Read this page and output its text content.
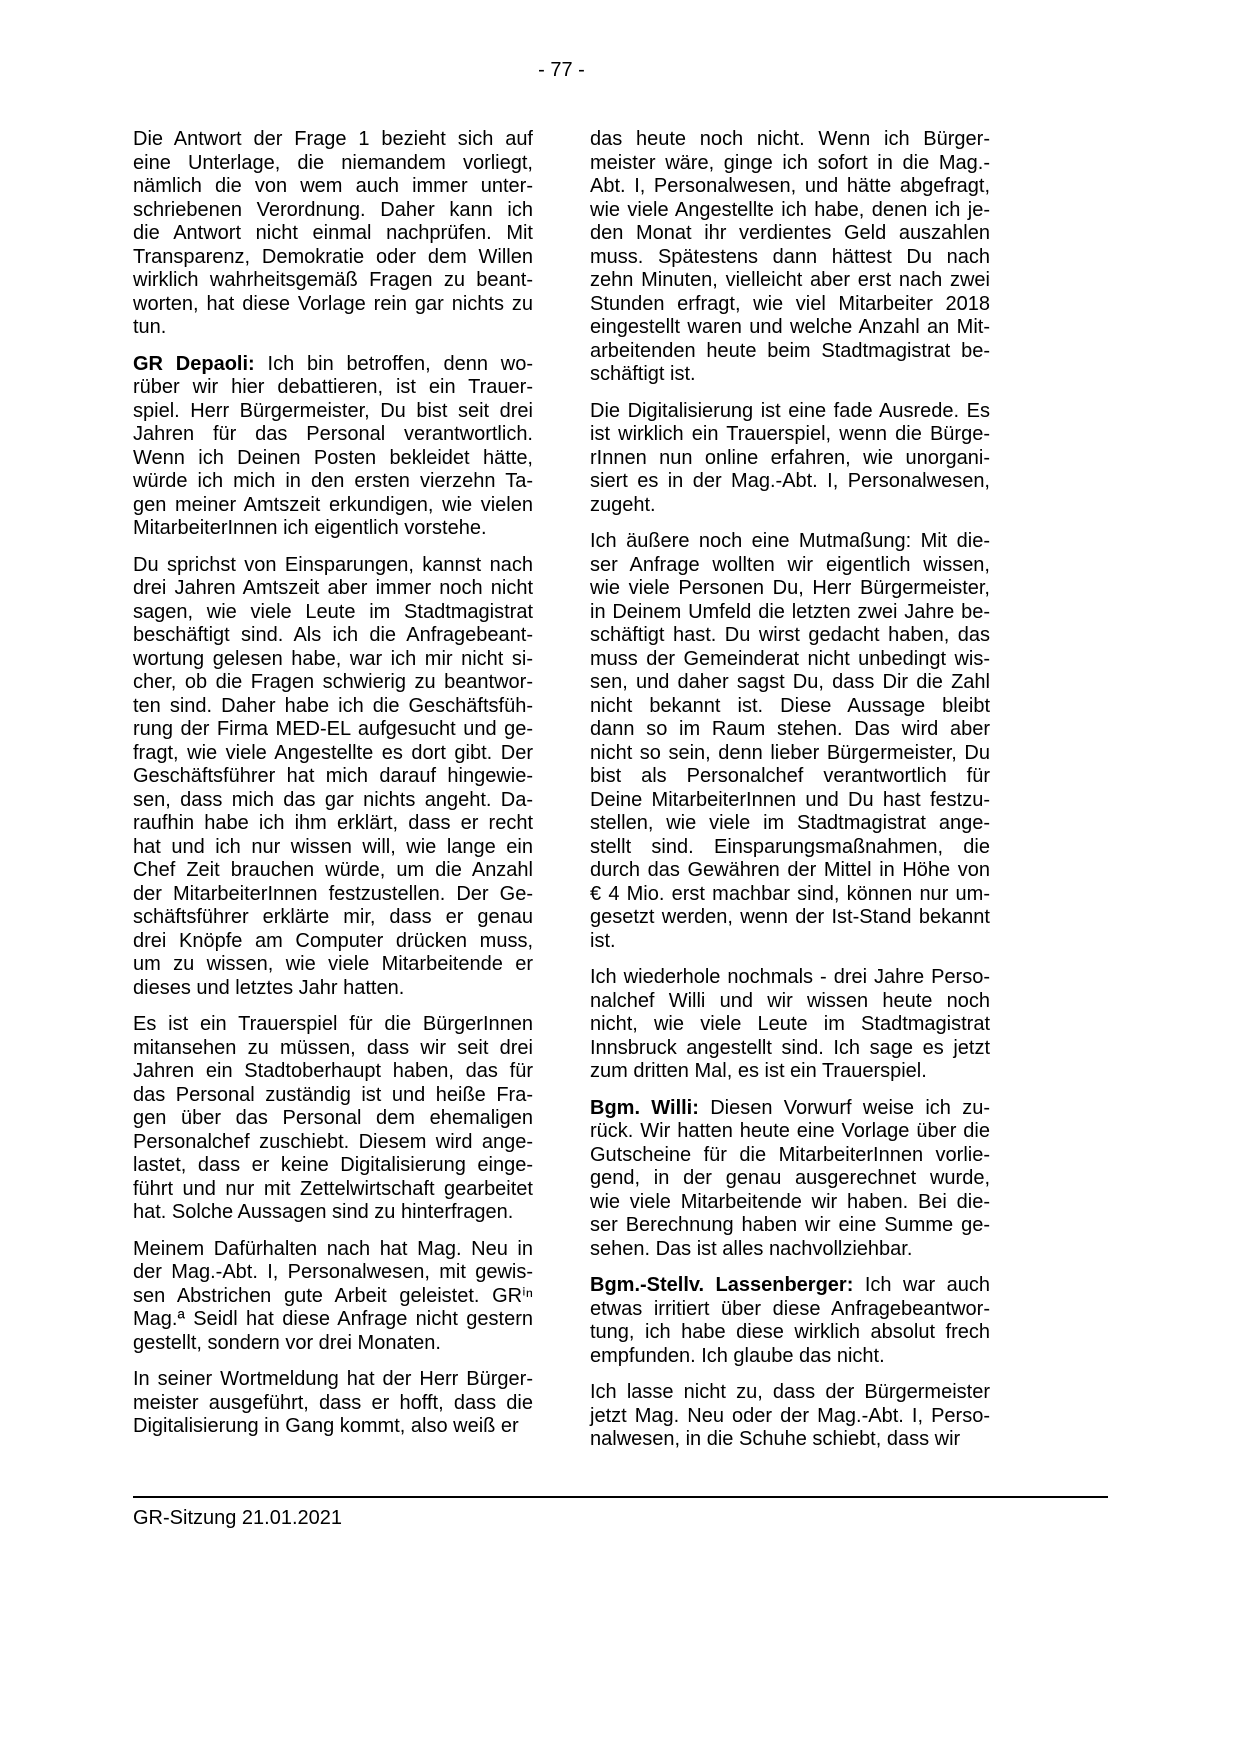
- 77 -

Die Antwort der Frage 1 bezieht sich auf
eine Unterlage, die niemandem vorliegt,
nämlich die von wem auch immer unter-
schriebenen Verordnung. Daher kann ich
die Antwort nicht einmal nachprüfen. Mit
Transparenz, Demokratie oder dem Willen
wirklich wahrheitsgemäß Fragen zu beant-
worten, hat diese Vorlage rein gar nichts zu
tun.

GR Depaoli: Ich bin betroffen, denn wo-
rüber wir hier debattieren, ist ein Trauer-
spiel. Herr Bürgermeister, Du bist seit drei
Jahren für das Personal verantwortlich.
Wenn ich Deinen Posten bekleidet hätte,
würde ich mich in den ersten vierzehn Ta-
gen meiner Amtszeit erkundigen, wie vielen
MitarbeiterInnen ich eigentlich vorstehe.

Du sprichst von Einsparungen, kannst nach
drei Jahren Amtszeit aber immer noch nicht
sagen, wie viele Leute im Stadtmagistrat
beschäftigt sind. Als ich die Anfragebeant-
wortung gelesen habe, war ich mir nicht si-
cher, ob die Fragen schwierig zu beantwor-
ten sind. Daher habe ich die Geschäftsfüh-
rung der Firma MED-EL aufgesucht und ge-
fragt, wie viele Angestellte es dort gibt. Der
Geschäftsführer hat mich darauf hingewie-
sen, dass mich das gar nichts angeht. Da-
raufhin habe ich ihm erklärt, dass er recht
hat und ich nur wissen will, wie lange ein
Chef Zeit brauchen würde, um die Anzahl
der MitarbeiterInnen festzustellen. Der Ge-
schäftsführer erklärte mir, dass er genau
drei Knöpfe am Computer drücken muss,
um zu wissen, wie viele Mitarbeitende er
dieses und letztes Jahr hatten.

Es ist ein Trauerspiel für die BürgerInnen
mitansehen zu müssen, dass wir seit drei
Jahren ein Stadtoberhaupt haben, das für
das Personal zuständig ist und heiße Fra-
gen über das Personal dem ehemaligen
Personalchef zuschiebt. Diesem wird ange-
lastet, dass er keine Digitalisierung einge-
führt und nur mit Zettelwirtschaft gearbeitet
hat. Solche Aussagen sind zu hinterfragen.

Meinem Dafürhalten nach hat Mag. Neu in
der Mag.-Abt. I, Personalwesen, mit gewis-
sen Abstrichen gute Arbeit geleistet. GRⁱⁿ
Mag.ª Seidl hat diese Anfrage nicht gestern
gestellt, sondern vor drei Monaten.

In seiner Wortmeldung hat der Herr Bürger-
meister ausgeführt, dass er hofft, dass die
Digitalisierung in Gang kommt, also weiß er

das heute noch nicht. Wenn ich Bürger-
meister wäre, ginge ich sofort in die Mag.-
Abt. I, Personalwesen, und hätte abgefragt,
wie viele Angestellte ich habe, denen ich je-
den Monat ihr verdientes Geld auszahlen
muss. Spätestens dann hättest Du nach
zehn Minuten, vielleicht aber erst nach zwei
Stunden erfragt, wie viel Mitarbeiter 2018
eingestellt waren und welche Anzahl an Mit-
arbeitenden heute beim Stadtmagistrat be-
schäftigt ist.

Die Digitalisierung ist eine fade Ausrede. Es
ist wirklich ein Trauerspiel, wenn die Bürge-
rInnen nun online erfahren, wie unorgani-
siert es in der Mag.-Abt. I, Personalwesen,
zugeht.

Ich äußere noch eine Mutmaßung: Mit die-
ser Anfrage wollten wir eigentlich wissen,
wie viele Personen Du, Herr Bürgermeister,
in Deinem Umfeld die letzten zwei Jahre be-
schäftigt hast. Du wirst gedacht haben, das
muss der Gemeinderat nicht unbedingt wis-
sen, und daher sagst Du, dass Dir die Zahl
nicht bekannt ist. Diese Aussage bleibt
dann so im Raum stehen. Das wird aber
nicht so sein, denn lieber Bürgermeister, Du
bist als Personalchef verantwortlich für
Deine MitarbeiterInnen und Du hast festzu-
stellen, wie viele im Stadtmagistrat ange-
stellt sind. Einsparungsmaßnahmen, die
durch das Gewähren der Mittel in Höhe von
€ 4 Mio. erst machbar sind, können nur um-
gesetzt werden, wenn der Ist-Stand bekannt
ist.

Ich wiederhole nochmals - drei Jahre Perso-
nalchef Willi und wir wissen heute noch
nicht, wie viele Leute im Stadtmagistrat
Innsbruck angestellt sind. Ich sage es jetzt
zum dritten Mal, es ist ein Trauerspiel.

Bgm. Willi: Diesen Vorwurf weise ich zu-
rück. Wir hatten heute eine Vorlage über die
Gutscheine für die MitarbeiterInnen vorlie-
gend, in der genau ausgerechnet wurde,
wie viele Mitarbeitende wir haben. Bei die-
ser Berechnung haben wir eine Summe ge-
sehen. Das ist alles nachvollziehbar.

Bgm.-Stellv. Lassenberger: Ich war auch
etwas irritiert über diese Anfragebeantwor-
tung, ich habe diese wirklich absolut frech
empfunden. Ich glaube das nicht.

Ich lasse nicht zu, dass der Bürgermeister
jetzt Mag. Neu oder der Mag.-Abt. I, Perso-
nalwesen, in die Schuhe schiebt, dass wir

GR-Sitzung 21.01.2021
